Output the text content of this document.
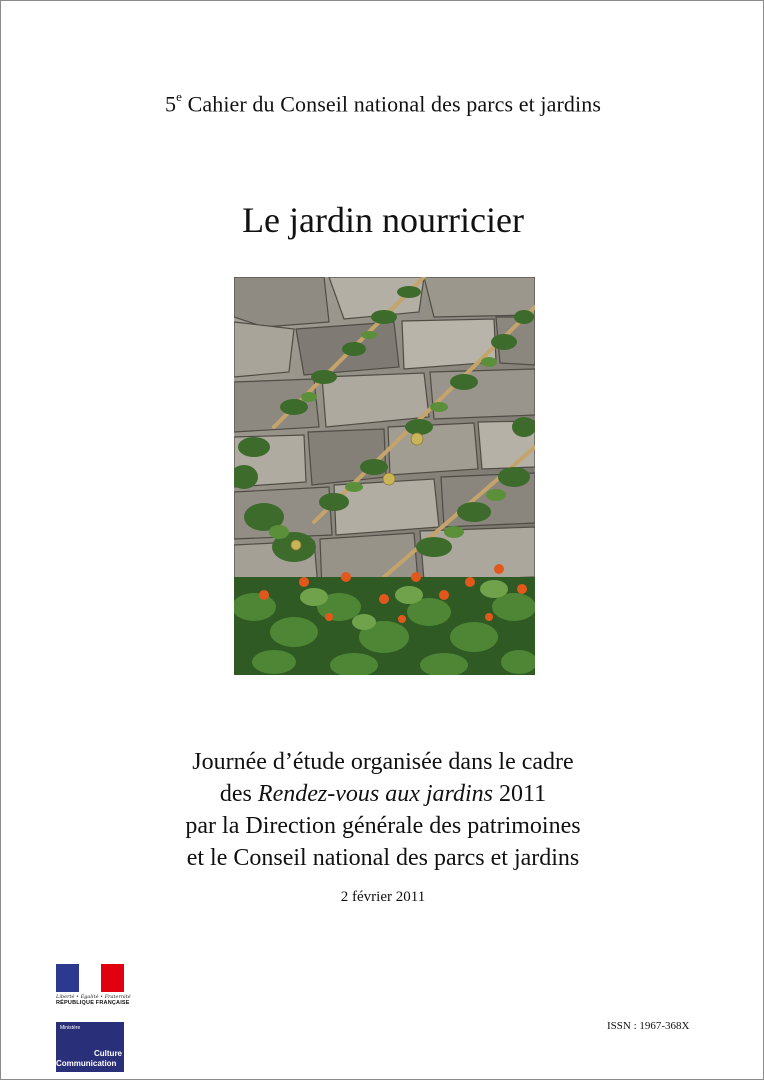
5e Cahier du Conseil national des parcs et jardins
Le jardin nourricier
Journée d’étude organisée dans le cadre
des Rendez-vous aux jardins 2011
par la Direction générale des patrimoines
et le Conseil national des parcs et jardins
2 février 2011
Liberté • Égalité • Fraternité
RÉPUBLIQUE FRANÇAISE
Ministère
Culture
Communication
ISSN : 1967-368X
